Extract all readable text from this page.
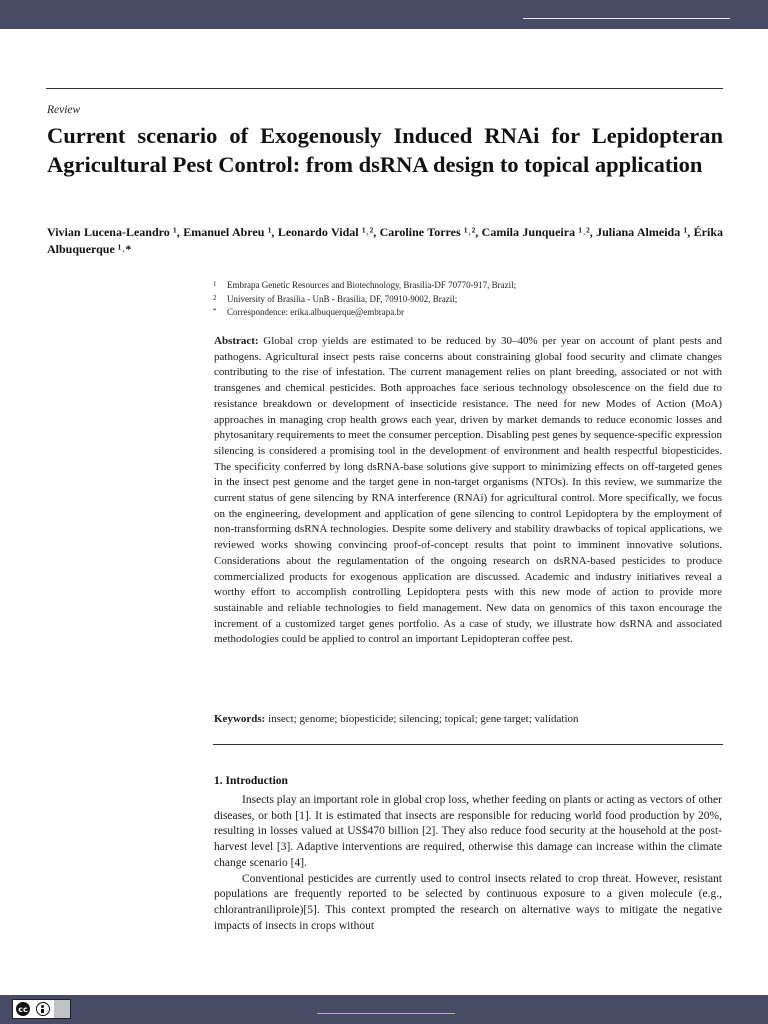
Review
Current scenario of Exogenously Induced RNAi for Lepidopteran Agricultural Pest Control: from dsRNA design to topical application

Vivian Lucena-Leandro ¹, Emanuel Abreu ¹, Leonardo Vidal ¹˒², Caroline Torres ¹˒², Camila Junqueira ¹˒², Juliana Almeida ¹, Érika Albuquerque ¹˒*

1	Embrapa Genetic Resources and Biotechnology, Brasilia-DF 70770-917, Brazil;
2	University of Brasilia - UnB - Brasilia, DF, 70910-9002, Brazil;
*	Correspondence: erika.albuquerque@embrapa.br

Abstract: Global crop yields are estimated to be reduced by 30–40% per year on account of plant pests and pathogens. Agricultural insect pests raise concerns about constraining global food security and climate changes contributing to the rise of infestation. The current management relies on plant breeding, associated or not with transgenes and chemical pesticides. Both approaches face serious technology obsolescence on the field due to resistance breakdown or development of insecticide resistance. The need for new Modes of Action (MoA) approaches in managing crop health grows each year, driven by market demands to reduce economic losses and phytosanitary requirements to meet the consumer perception. Disabling pest genes by sequence-specific expression silencing is considered a promising tool in the development of environment and health respectful biopesticides. The specificity conferred by long dsRNA-base solutions give support to minimizing effects on off-targeted genes in the insect pest genome and the target gene in non-target organisms (NTOs). In this review, we summarize the current status of gene silencing by RNA interference (RNAi) for agricultural control. More specifically, we focus on the engineering, development and application of gene silencing to control Lepidoptera by the employment of non-transforming dsRNA technologies. Despite some delivery and stability drawbacks of topical applications, we reviewed works showing convincing proof-of-concept results that point to imminent innovative solutions. Considerations about the regulamentation of the ongoing research on dsRNA-based pesticides to produce commercialized products for exogenous application are discussed. Academic and industry initiatives reveal a worthy effort to accomplish controlling Lepidoptera pests with this new mode of action to provide more sustainable and reliable technologies to field management. New data on genomics of this taxon encourage the increment of a customized target genes portfolio. As a case of study, we illustrate how dsRNA and associated methodologies could be applied to control an important Lepidopteran coffee pest.

Keywords: insect; genome; biopesticide; silencing; topical; gene target; validation

1. Introduction

Insects play an important role in global crop loss, whether feeding on plants or acting as vectors of other diseases, or both [1]. It is estimated that insects are responsible for reducing world food production by 20%, resulting in losses valued at US$470 billion [2]. They also reduce food security at the household at the post-harvest level [3]. Adaptive interventions are required, otherwise this damage can increase within the climate change scenario [4].

Conventional pesticides are currently used to control insects related to crop threat. However, resistant populations are frequently reported to be selected by continuous exposure to a given molecule (e.g., chlorantraniliprole)[5]. This context prompted the research on alternative ways to mitigate the negative impacts of insects in crops without

cc
